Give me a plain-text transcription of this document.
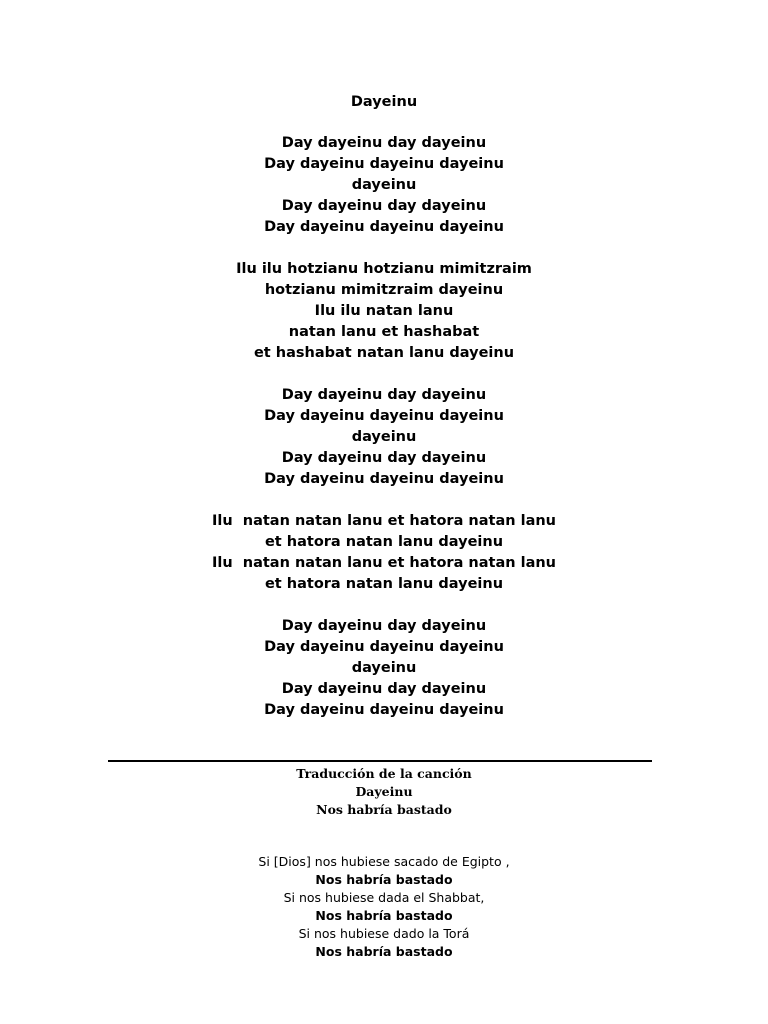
Dayeinu
Day dayeinu day dayeinu
Day dayeinu dayeinu dayeinu
dayeinu
Day dayeinu day dayeinu
Day dayeinu dayeinu dayeinu
Ilu ilu hotzianu hotzianu mimitzraim
hotzianu mimitzraim dayeinu
Ilu ilu natan lanu
natan lanu et hashabat
et hashabat natan lanu dayeinu
Day dayeinu day dayeinu
Day dayeinu dayeinu dayeinu
dayeinu
Day dayeinu day dayeinu
Day dayeinu dayeinu dayeinu
Ilu  natan natan lanu et hatora natan lanu
et hatora natan lanu dayeinu
Ilu  natan natan lanu et hatora natan lanu
et hatora natan lanu dayeinu
Day dayeinu day dayeinu
Day dayeinu dayeinu dayeinu
dayeinu
Day dayeinu day dayeinu
Day dayeinu dayeinu dayeinu
Traducción de la canción
Dayeinu
Nos habría bastado
Si [Dios] nos hubiese sacado de Egipto ,
Nos habría bastado
Si nos hubiese dada el Shabbat,
Nos habría bastado
Si nos hubiese dado la Torá
Nos habría bastado
